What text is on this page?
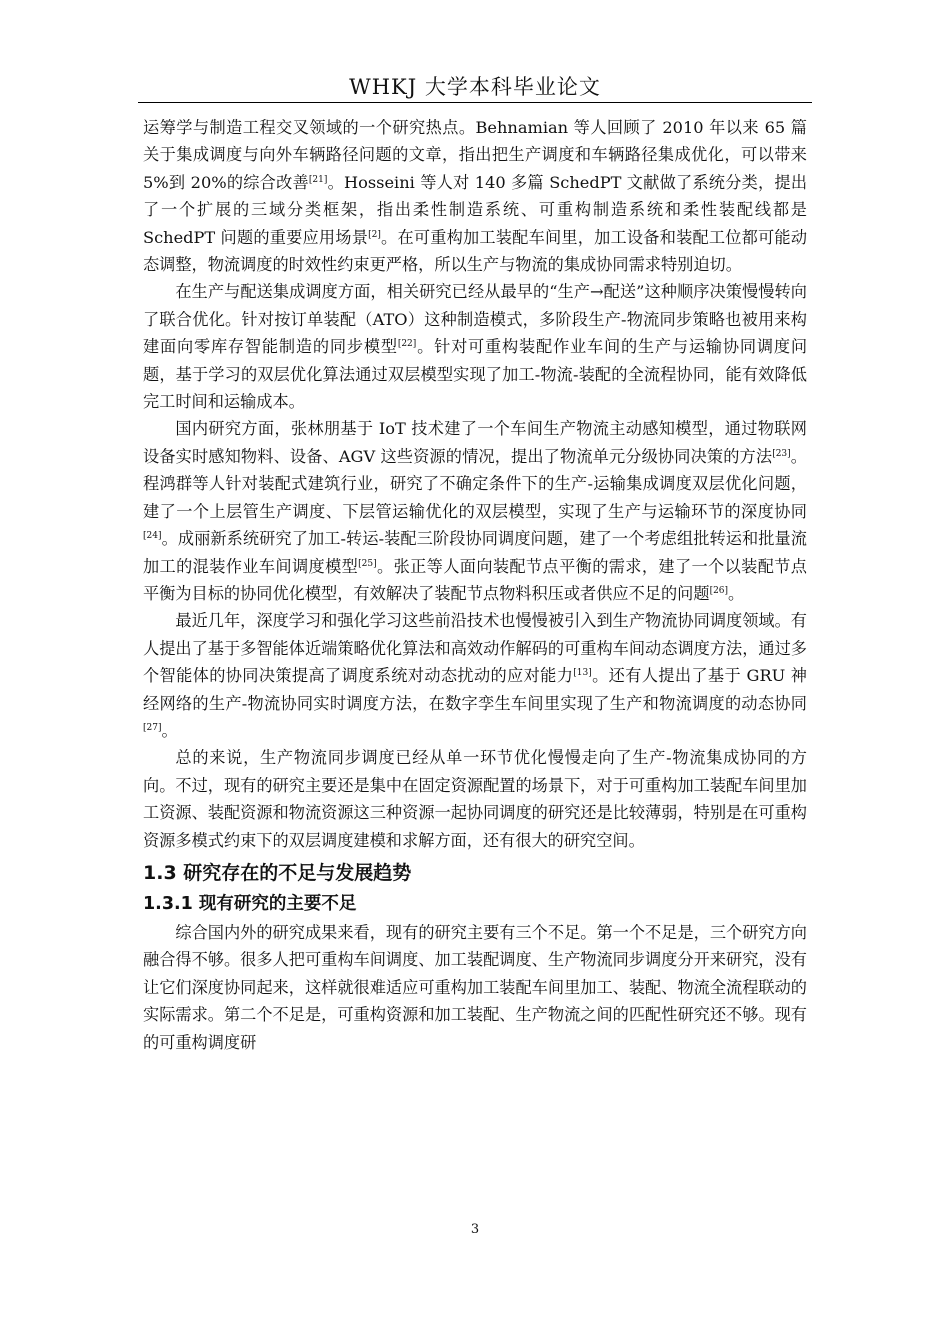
WHKJ 大学本科毕业论文

运筹学与制造工程交叉领域的一个研究热点。Behnamian 等人回顾了 2010 年以来 65 篇关于集成调度与向外车辆路径问题的文章，指出把生产调度和车辆路径集成优化，可以带来 5%到 20%的综合改善[21]。Hosseini 等人对 140 多篇 SchedPT 文献做了系统分类，提出了一个扩展的三域分类框架，指出柔性制造系统、可重构制造系统和柔性装配线都是 SchedPT 问题的重要应用场景[2]。在可重构加工装配车间里，加工设备和装配工位都可能动态调整，物流调度的时效性约束更严格，所以生产与物流的集成协同需求特别迫切。

在生产与配送集成调度方面，相关研究已经从最早的“生产→配送”这种顺序决策慢慢转向了联合优化。针对按订单装配（ATO）这种制造模式，多阶段生产-物流同步策略也被用来构建面向零库存智能制造的同步模型[22]。针对可重构装配作业车间的生产与运输协同调度问题，基于学习的双层优化算法通过双层模型实现了加工-物流-装配的全流程协同，能有效降低完工时间和运输成本。

国内研究方面，张林朋基于 IoT 技术建了一个车间生产物流主动感知模型，通过物联网设备实时感知物料、设备、AGV 这些资源的情况，提出了物流单元分级协同决策的方法[23]。程鸿群等人针对装配式建筑行业，研究了不确定条件下的生产-运输集成调度双层优化问题，建了一个上层管生产调度、下层管运输优化的双层模型，实现了生产与运输环节的深度协同[24]。成丽新系统研究了加工-转运-装配三阶段协同调度问题，建了一个考虑组批转运和批量流加工的混装作业车间调度模型[25]。张正等人面向装配节点平衡的需求，建了一个以装配节点平衡为目标的协同优化模型，有效解决了装配节点物料积压或者供应不足的问题[26]。

最近几年，深度学习和强化学习这些前沿技术也慢慢被引入到生产物流协同调度领域。有人提出了基于多智能体近端策略优化算法和高效动作解码的可重构车间动态调度方法，通过多个智能体的协同决策提高了调度系统对动态扰动的应对能力[13]。还有人提出了基于 GRU 神经网络的生产-物流协同实时调度方法，在数字孪生车间里实现了生产和物流调度的动态协同[27]。

总的来说，生产物流同步调度已经从单一环节优化慢慢走向了生产-物流集成协同的方向。不过，现有的研究主要还是集中在固定资源配置的场景下，对于可重构加工装配车间里加工资源、装配资源和物流资源这三种资源一起协同调度的研究还是比较薄弱，特别是在可重构资源多模式约束下的双层调度建模和求解方面，还有很大的研究空间。

1.3 研究存在的不足与发展趋势
1.3.1 现有研究的主要不足

综合国内外的研究成果来看，现有的研究主要有三个不足。第一个不足是，三个研究方向融合得不够。很多人把可重构车间调度、加工装配调度、生产物流同步调度分开来研究，没有让它们深度协同起来，这样就很难适应可重构加工装配车间里加工、装配、物流全流程联动的实际需求。第二个不足是，可重构资源和加工装配、生产物流之间的匹配性研究还不够。现有的可重构调度研

3
